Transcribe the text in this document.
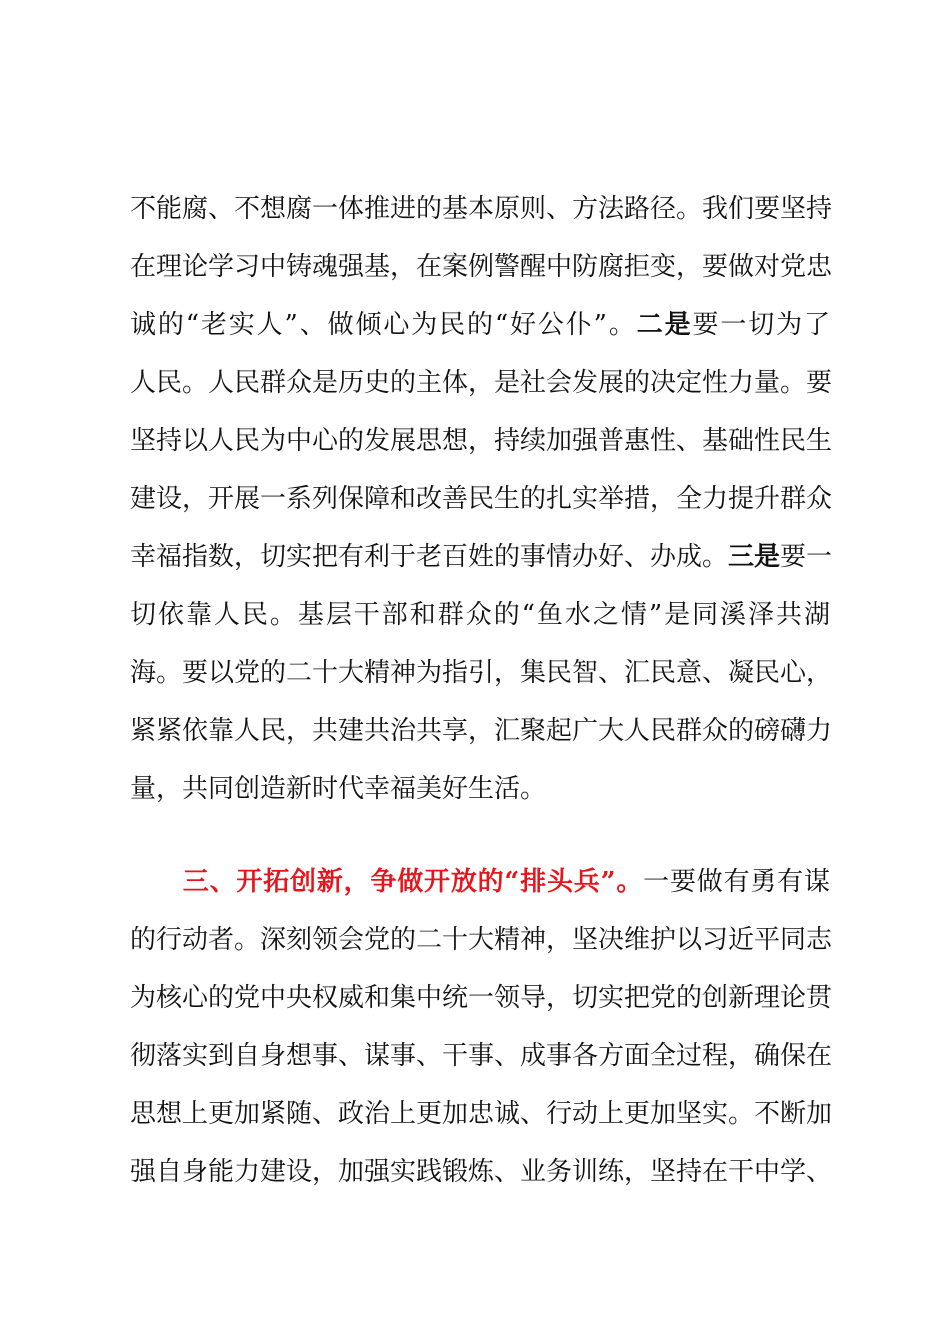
不能腐、不想腐一体推进的基本原则、方法路径。我们要坚持
在理论学习中铸魂强基，在案例警醒中防腐拒变，要做对党忠
诚的“老实人”、做倾心为民的“好公仆”。二是要一切为了
人民。人民群众是历史的主体，是社会发展的决定性力量。要
坚持以人民为中心的发展思想，持续加强普惠性、基础性民生
建设，开展一系列保障和改善民生的扎实举措，全力提升群众
幸福指数，切实把有利于老百姓的事情办好、办成。三是要一
切依靠人民。基层干部和群众的“鱼水之情”是同溪泽共湖
海。要以党的二十大精神为指引，集民智、汇民意、凝民心，
紧紧依靠人民，共建共治共享，汇聚起广大人民群众的磅礴力
量，共同创造新时代幸福美好生活。
三、开拓创新，争做开放的“排头兵”。一要做有勇有谋
的行动者。深刻领会党的二十大精神，坚决维护以习近平同志
为核心的党中央权威和集中统一领导，切实把党的创新理论贯
彻落实到自身想事、谋事、干事、成事各方面全过程，确保在
思想上更加紧随、政治上更加忠诚、行动上更加坚实。不断加
强自身能力建设，加强实践锻炼、业务训练，坚持在干中学、
